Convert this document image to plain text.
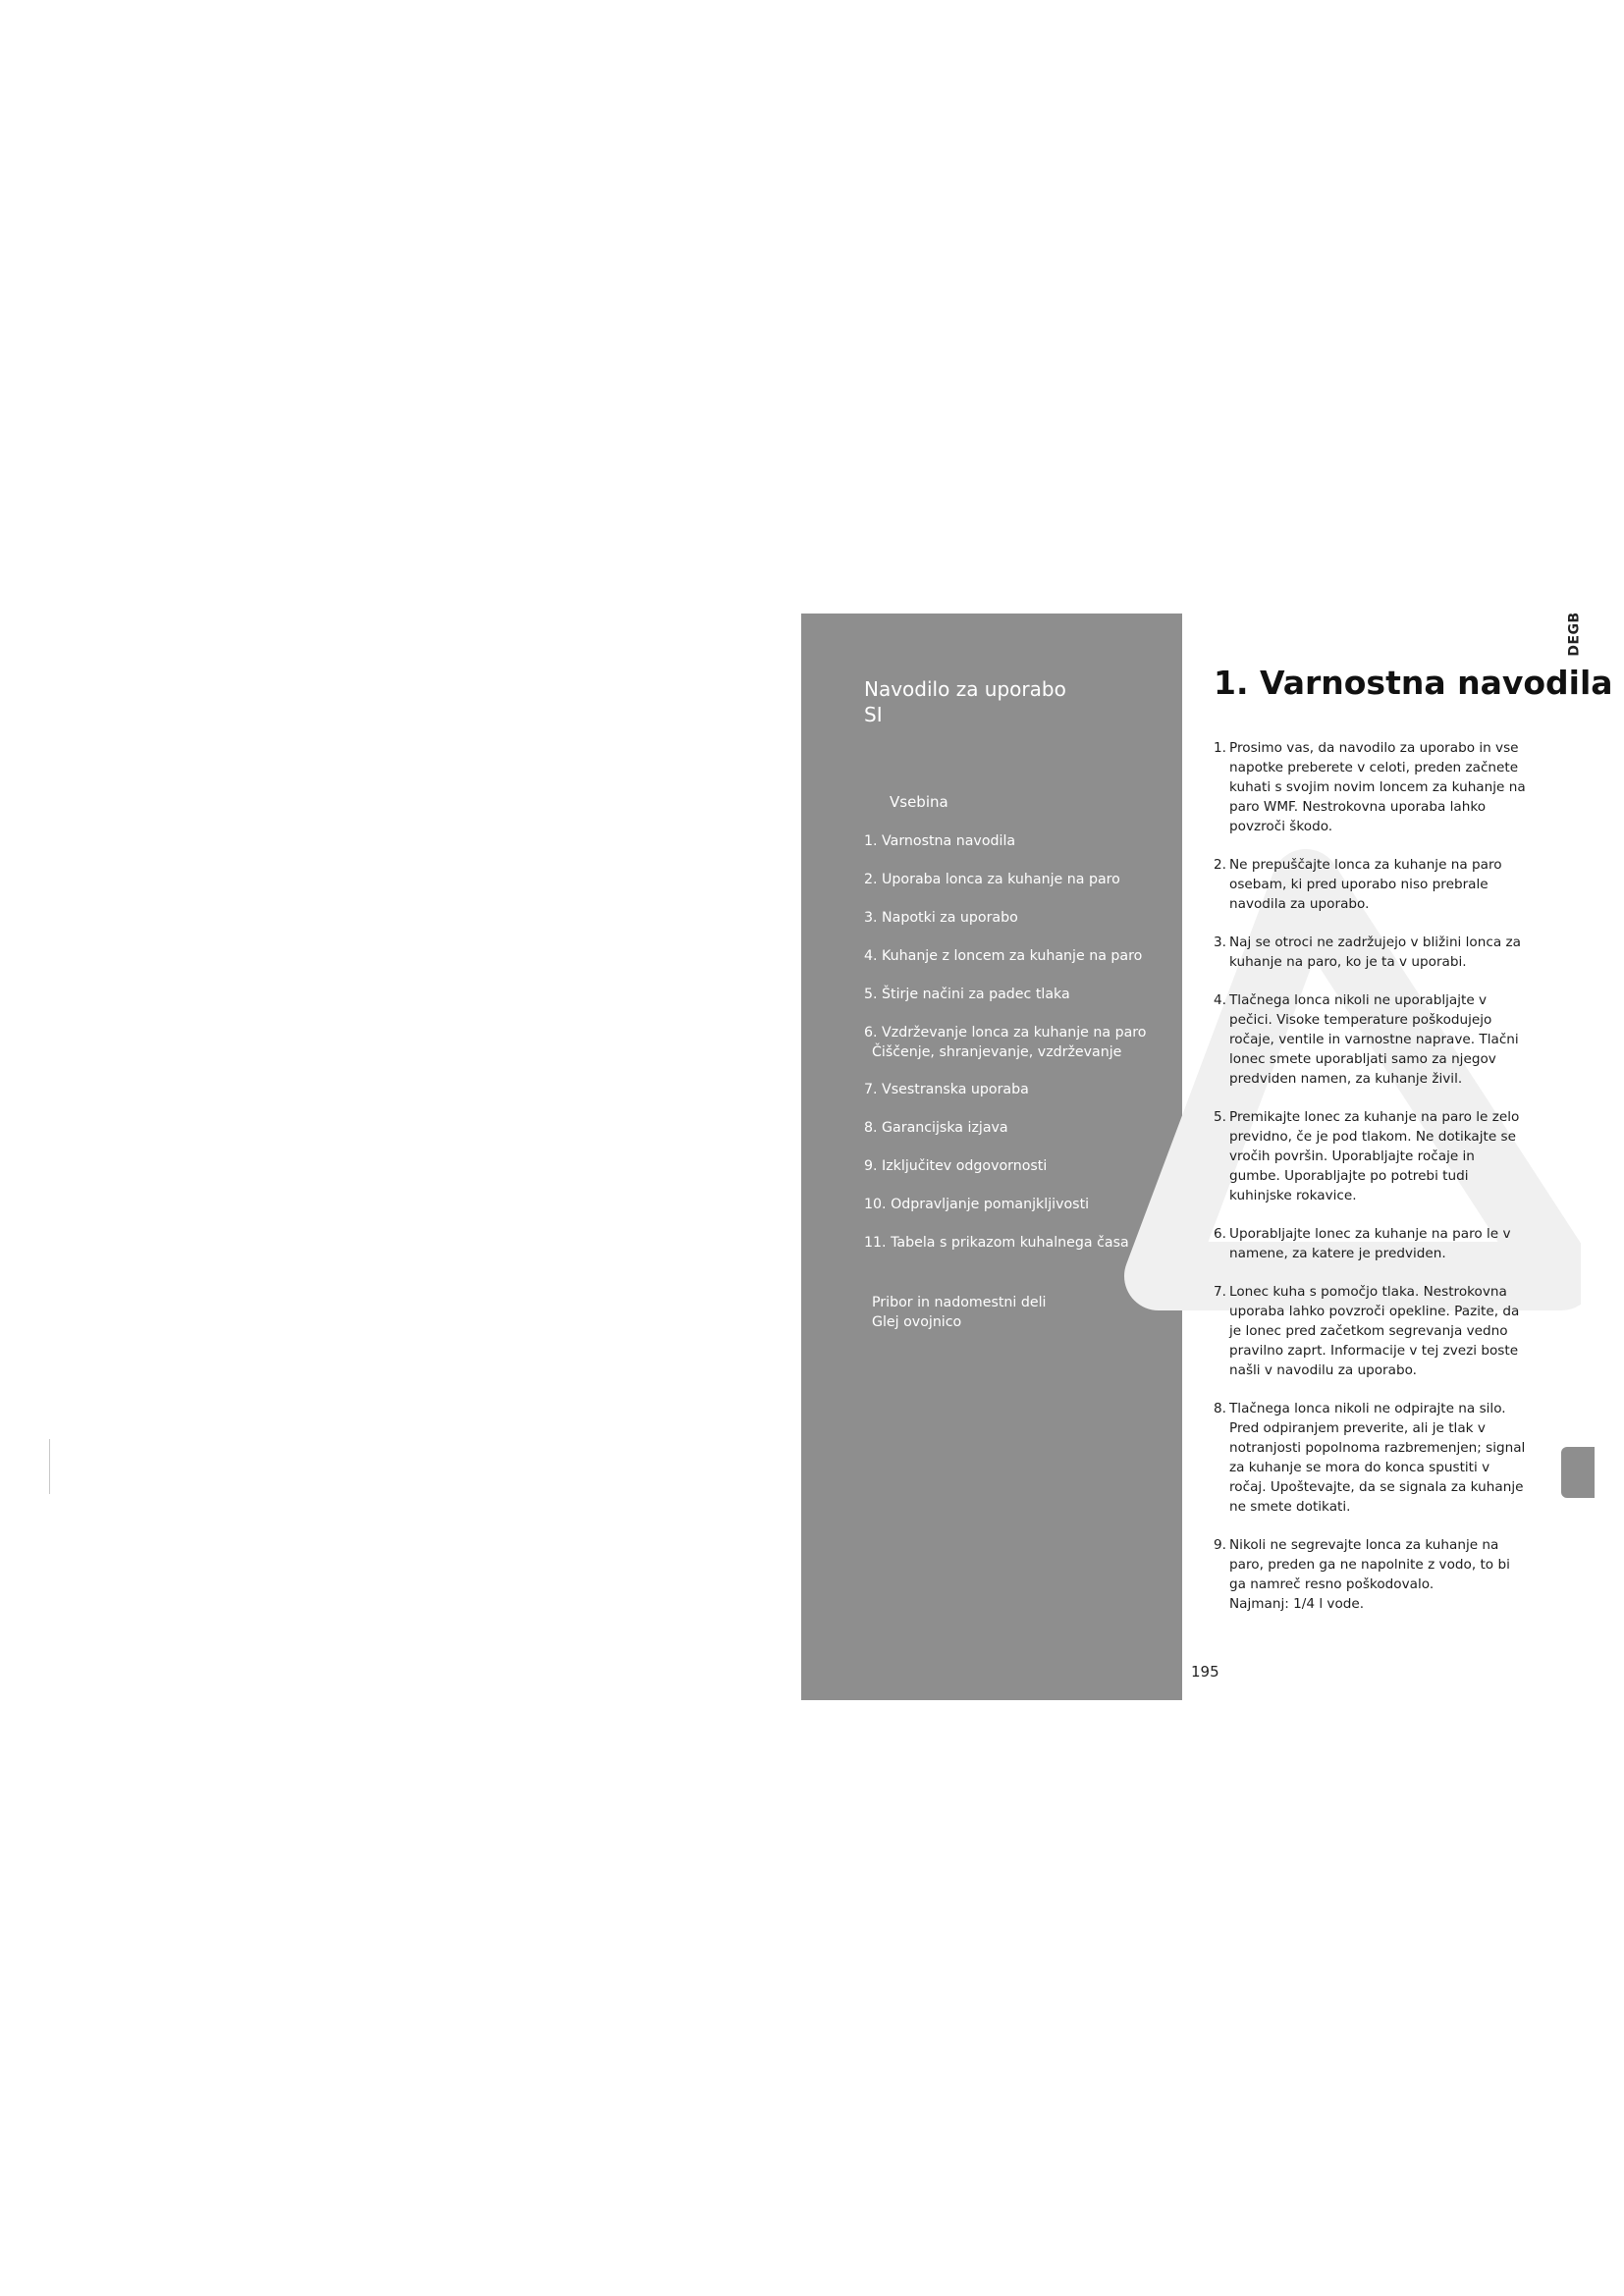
Navodilo za uporabo
SI
Vsebina
1. Varnostna navodila
2. Uporaba lonca za kuhanje na paro
3. Napotki za uporabo
4. Kuhanje z loncem za kuhanje na paro
5. Štirje načini za padec tlaka
6. Vzdrževanje lonca za kuhanje na paro
Čiščenje, shranjevanje, vzdrževanje
7. Vsestranska uporaba
8. Garancijska izjava
9. Izključitev odgovornosti
10. Odpravljanje pomanjkljivosti
11. Tabela s prikazom kuhalnega časa
Pribor in nadomestni deli
Glej ovojnico
DEGB
1. Varnostna navodila
1. Prosimo vas, da navodilo za uporabo in vse napotke preberete v celoti, preden začnete kuhati s svojim novim loncem za kuhanje na paro WMF. Nestrokovna uporaba lahko povzroči škodo.
2. Ne prepuščajte lonca za kuhanje na paro osebam, ki pred uporabo niso prebrale navodila za uporabo.
3. Naj se otroci ne zadržujejo v bližini lonca za kuhanje na paro, ko je ta v uporabi.
4. Tlačnega lonca nikoli ne uporabljajte v pečici. Visoke temperature poškodujejo ročaje, ventile in varnostne naprave. Tlačni lonec smete uporabljati samo za njegov predviden namen, za kuhanje živil.
5. Premikajte lonec za kuhanje na paro le zelo previdno, če je pod tlakom. Ne dotikajte se vročih površin. Uporabljajte ročaje in gumbe. Uporabljajte po potrebi tudi kuhinjske rokavice.
6. Uporabljajte lonec za kuhanje na paro le v namene, za katere je predviden.
7. Lonec kuha s pomočjo tlaka. Nestrokovna uporaba lahko povzroči opekline. Pazite, da je lonec pred začetkom segrevanja vedno pravilno zaprt. Informacije v tej zvezi boste našli v navodilu za uporabo.
8. Tlačnega lonca nikoli ne odpirajte na silo. Pred odpiranjem preverite, ali je tlak v notranjosti popolnoma razbremenjen; signal za kuhanje se mora do konca spustiti v ročaj. Upoštevajte, da se signala za kuhanje ne smete dotikati.
9. Nikoli ne segrevajte lonca za kuhanje na paro, preden ga ne napolnite z vodo, to bi ga namreč resno poškodovalo.
Najmanj: 1/4 l vode.
195
